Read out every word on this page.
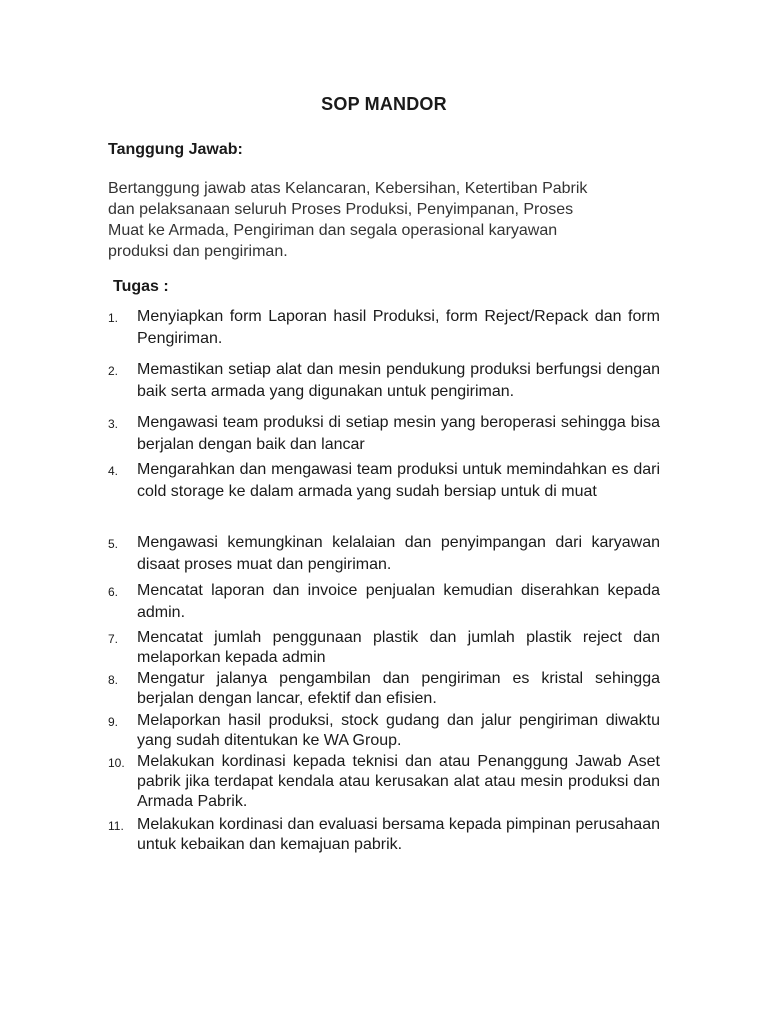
SOP MANDOR
Tanggung Jawab:
Bertanggung jawab atas Kelancaran, Kebersihan, Ketertiban Pabrik
dan pelaksanaan seluruh Proses Produksi, Penyimpanan, Proses
Muat ke Armada, Pengiriman dan segala operasional karyawan
produksi dan pengiriman.
Tugas :
1.	Menyiapkan form Laporan hasil Produksi, form Reject/Repack dan form Pengiriman.
2.	Memastikan setiap alat dan mesin pendukung produksi berfungsi dengan baik serta armada yang digunakan untuk pengiriman.
3.	Mengawasi team produksi di setiap mesin yang beroperasi sehingga bisa berjalan dengan baik dan lancar
4.	Mengarahkan dan mengawasi team produksi untuk memindahkan es dari cold storage ke dalam armada yang sudah bersiap untuk di muat
5.	Mengawasi kemungkinan kelalaian dan penyimpangan dari karyawan disaat proses muat dan pengiriman.
6.	Mencatat laporan dan invoice penjualan kemudian diserahkan kepada admin.
7.	Mencatat jumlah penggunaan plastik dan jumlah plastik reject dan melaporkan kepada admin
8.	Mengatur jalanya pengambilan dan pengiriman es kristal sehingga berjalan dengan lancar, efektif dan efisien.
9.	Melaporkan hasil produksi, stock gudang dan jalur pengiriman diwaktu yang sudah ditentukan ke WA Group.
10. Melakukan kordinasi kepada teknisi dan atau Penanggung Jawab Aset pabrik jika terdapat kendala atau kerusakan alat atau mesin produksi dan Armada Pabrik.
11. Melakukan kordinasi dan evaluasi bersama kepada pimpinan perusahaan untuk kebaikan dan kemajuan pabrik.
